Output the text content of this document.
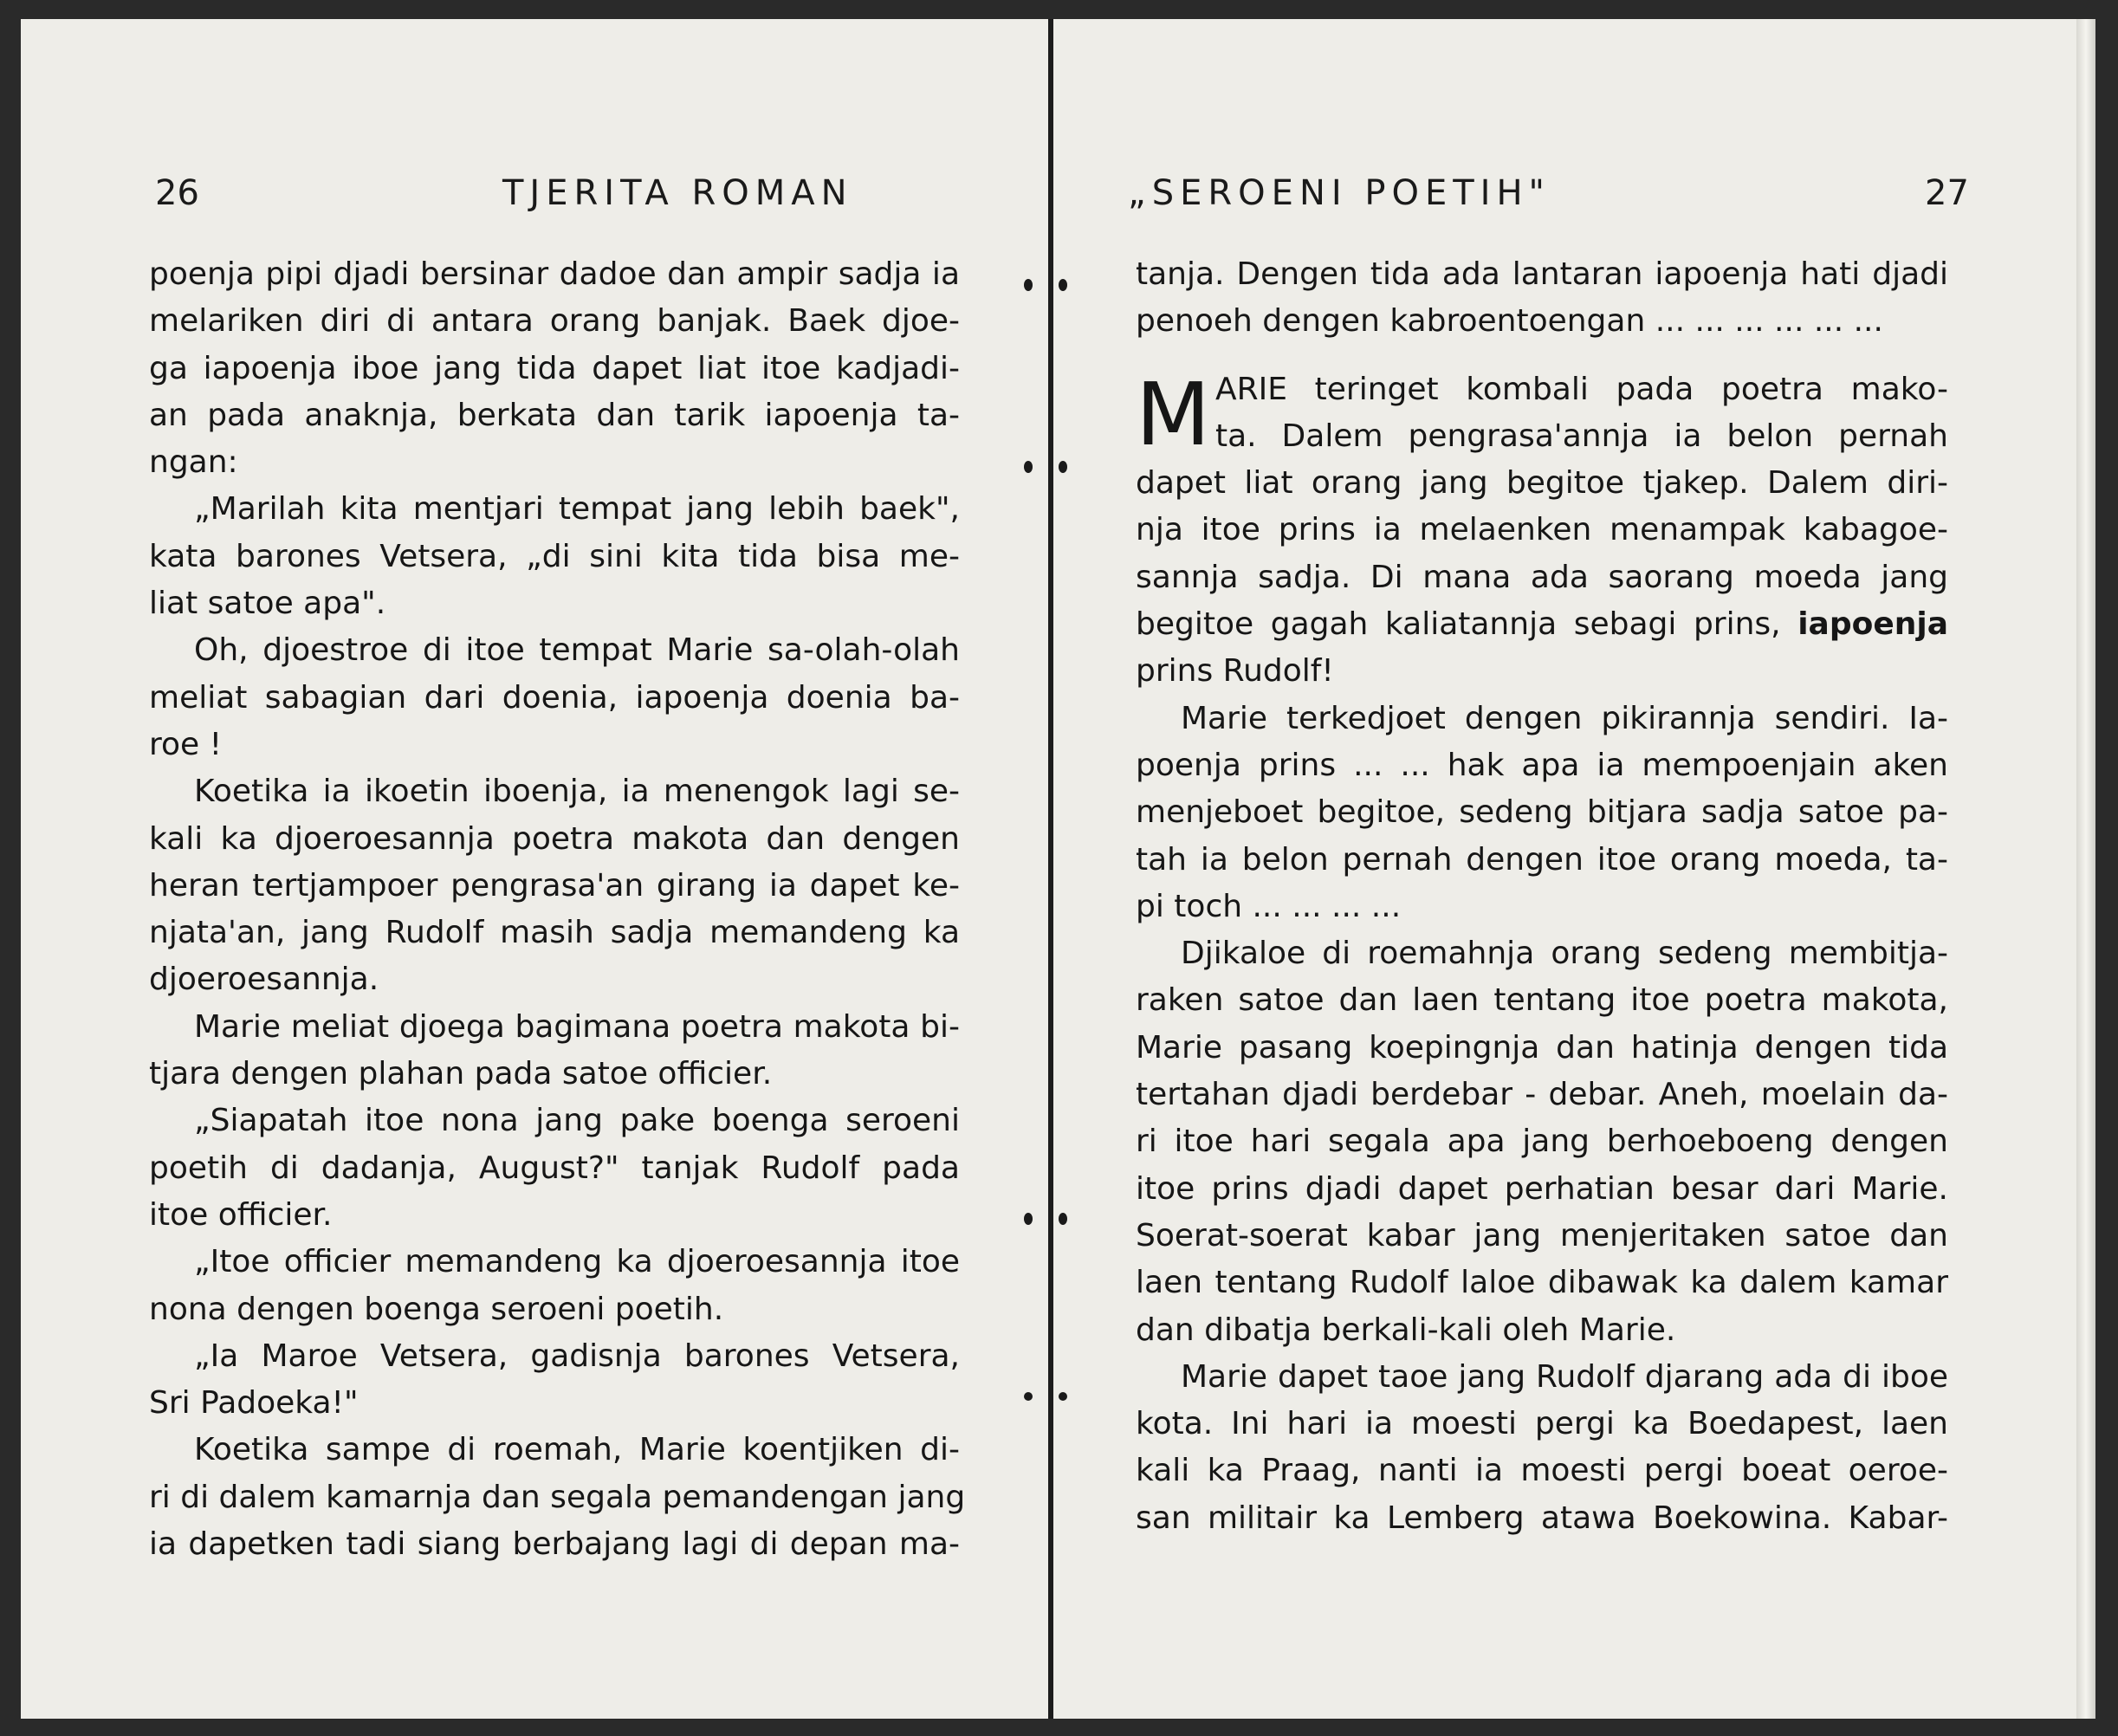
26	TJERITA ROMAN
poenja pipi djadi bersinar dadoe dan ampir sadja ia
melariken diri di antara orang banjak. Baek djoe-
ga iapoenja iboe jang tida dapet liat itoe kadjadi-
an pada anaknja, berkata dan tarik iapoenja ta-
ngan:
„Marilah kita mentjari tempat jang lebih baek",
kata barones Vetsera, „di sini kita tida bisa me-
liat satoe apa".
Oh, djoestroe di itoe tempat Marie sa-olah-olah
meliat sabagian dari doenia, iapoenja doenia ba-
roe !
Koetika ia ikoetin iboenja, ia menengok lagi se-
kali ka djoeroesannja poetra makota dan dengen
heran tertjampoer pengrasa'an girang ia dapet ke-
njata'an, jang Rudolf masih sadja memandeng ka
djoeroesannja.
Marie meliat djoega bagimana poetra makota bi-
tjara dengen plahan pada satoe officier.
„Siapatah itoe nona jang pake boenga seroeni
poetih di dadanja, August?" tanjak Rudolf pada
itoe officier.
„Itoe officier memandeng ka djoeroesannja itoe
nona dengen boenga seroeni poetih.
„Ia Maroe Vetsera, gadisnja barones Vetsera,
Sri Padoeka!"
Koetika sampe di roemah, Marie koentjiken di-
ri di dalem kamarnja dan segala pemandengan jang
ia dapetken tadi siang berbajang lagi di depan ma-
„SEROENI POETIH"	27
tanja. Dengen tida ada lantaran iapoenja hati djadi
penoeh dengen kabroentoengan ... ... ... ... ... ...
M ARIE teringet kombali pada poetra mako-
ta. Dalem pengrasa'annja ia belon pernah
dapet liat orang jang begitoe tjakep. Dalem diri-
nja itoe prins ia melaenken menampak kabagoe-
sannja sadja. Di mana ada saorang moeda jang
begitoe gagah kaliatannja sebagi prins, iapoenja
prins Rudolf!
Marie terkedjoet dengen pikirannja sendiri. Ia-
poenja prins ... ... hak apa ia mempoenjain aken
menjeboet begitoe, sedeng bitjara sadja satoe pa-
tah ia belon pernah dengen itoe orang moeda, ta-
pi toch ... ... ... ...
Djikaloe di roemahnja orang sedeng membitja-
raken satoe dan laen tentang itoe poetra makota,
Marie pasang koepingnja dan hatinja dengen tida
tertahan djadi berdebar - debar. Aneh, moelain da-
ri itoe hari segala apa jang berhoeboeng dengen
itoe prins djadi dapet perhatian besar dari Marie.
Soerat-soerat kabar jang menjeritaken satoe dan
laen tentang Rudolf laloe dibawak ka dalem kamar
dan dibatja berkali-kali oleh Marie.
Marie dapet taoe jang Rudolf djarang ada di iboe
kota. Ini hari ia moesti pergi ka Boedapest, laen
kali ka Praag, nanti ia moesti pergi boeat oeroe-
san militair ka Lemberg atawa Boekowina. Kabar-
